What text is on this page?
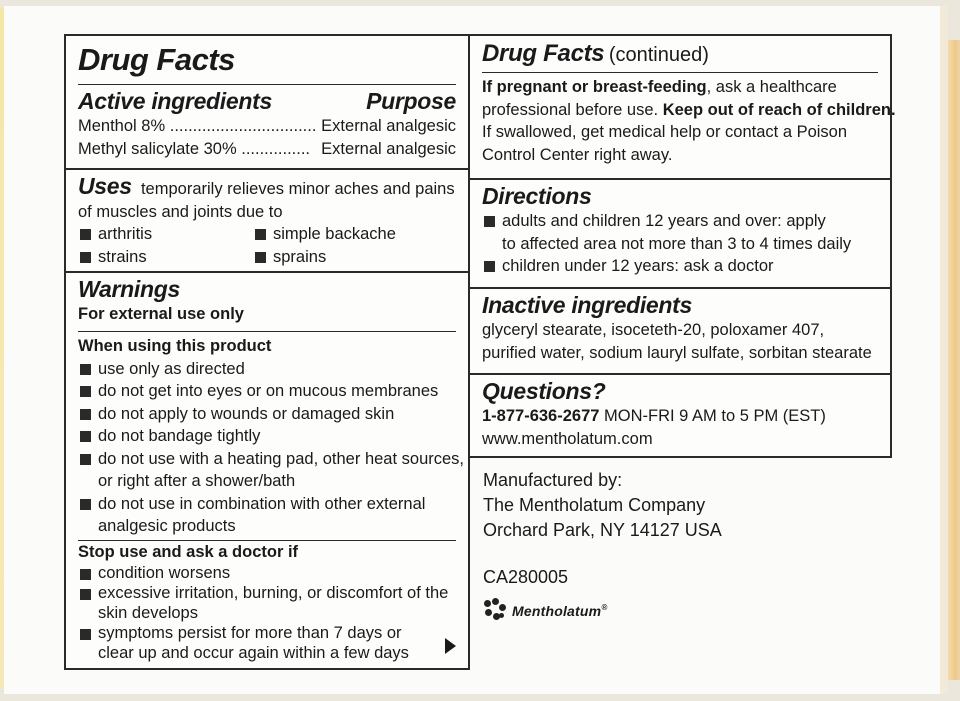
Drug Facts
Active ingredients	Purpose
Menthol 8% ................................ External analgesic
Methyl salicylate 30% ............... External analgesic
Uses temporarily relieves minor aches and pains
of muscles and joints due to
arthritis	simple backache
strains	sprains
Warnings
For external use only
When using this product
use only as directed
do not get into eyes or on mucous membranes
do not apply to wounds or damaged skin
do not bandage tightly
do not use with a heating pad, other heat sources,
or right after a shower/bath
do not use in combination with other external
analgesic products
Stop use and ask a doctor if
condition worsens
excessive irritation, burning, or discomfort of the
skin develops
symptoms persist for more than 7 days or
clear up and occur again within a few days
Drug Facts (continued)
If pregnant or breast-feeding, ask a healthcare
professional before use. Keep out of reach of children.
If swallowed, get medical help or contact a Poison
Control Center right away.
Directions
adults and children 12 years and over: apply
to affected area not more than 3 to 4 times daily
children under 12 years: ask a doctor
Inactive ingredients
glyceryl stearate, isoceteth-20, poloxamer 407,
purified water, sodium lauryl sulfate, sorbitan stearate
Questions?
1-877-636-2677 MON-FRI 9 AM to 5 PM (EST)
www.mentholatum.com
Manufactured by:
The Mentholatum Company
Orchard Park, NY 14127 USA
CA280005
Mentholatum®
